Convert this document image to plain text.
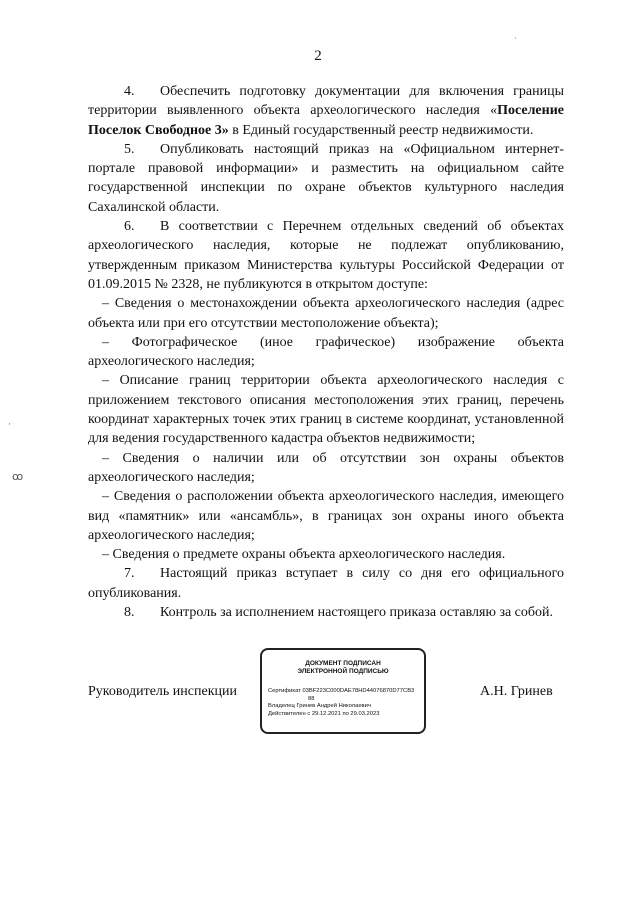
2

4. Обеспечить подготовку документации для включения границы территории выявленного объекта археологического наследия «Поселение Поселок Свободное 3» в Единый государственный реестр недвижимости.

5. Опубликовать настоящий приказ на «Официальном интернет-портале правовой информации» и разместить на официальном сайте государственной инспекции по охране объектов культурного наследия Сахалинской области.

6. В соответствии с Перечнем отдельных сведений об объектах археологического наследия, которые не подлежат опубликованию, утвержденным приказом Министерства культуры Российской Федерации от 01.09.2015 № 2328, не публикуются в открытом доступе:

– Сведения о местонахождении объекта археологического наследия (адрес объекта или при его отсутствии местоположение объекта);

– Фотографическое (иное графическое) изображение объекта археологического наследия;

– Описание границ территории объекта археологического наследия с приложением текстового описания местоположения этих границ, перечень координат характерных точек этих границ в системе координат, установленной для ведения государственного кадастра объектов недвижимости;

– Сведения о наличии или об отсутствии зон охраны объектов археологического наследия;

– Сведения о расположении объекта археологического наследия, имеющего вид «памятник» или «ансамбль», в границах зон охраны иного объекта археологического наследия;

– Сведения о предмете охраны объекта археологического наследия.

7. Настоящий приказ вступает в силу со дня его официального опубликования.

8. Контроль за исполнением настоящего приказа оставляю за собой.

Руководитель инспекции
ДОКУМЕНТ ПОДПИСАН
ЭЛЕКТРОННОЙ ПОДПИСЬЮ
Сертификат 03BF223C000DAE78HD44076870D77CB3
88
Владелец Гринев Андрей Николаевич
Действителен с 29.12.2021 по 29.03.2023
А.Н. Гринев
·
ꝏ
·
